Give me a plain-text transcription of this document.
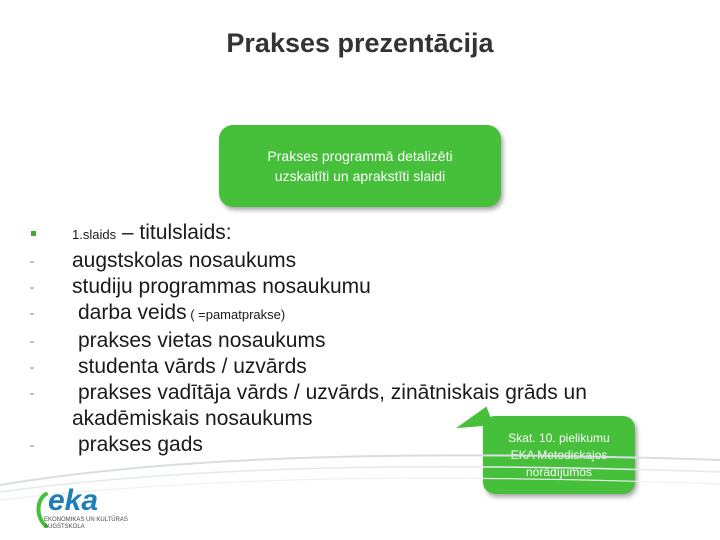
Prakses prezentācija
Prakses programmā detalizēti
uzskaitīti un aprakstīti slaidi
1.slaids – titulslaids:
- augstskolas nosaukums
- studiju programmas nosaukumu
- darba veids ( =pamatprakse)
- prakses vietas nosaukums
- studenta vārds / uzvārds
- prakses vadītāja vārds / uzvārds, zinātniskais grāds un
akadēmiskais nosaukums
- prakses gads	Skat. 10. pielikumu
EKA Metodiskajos
norādījumos
eka
EKONOMIKAS UN KULTŪRAS
AUGSTSKOLA
